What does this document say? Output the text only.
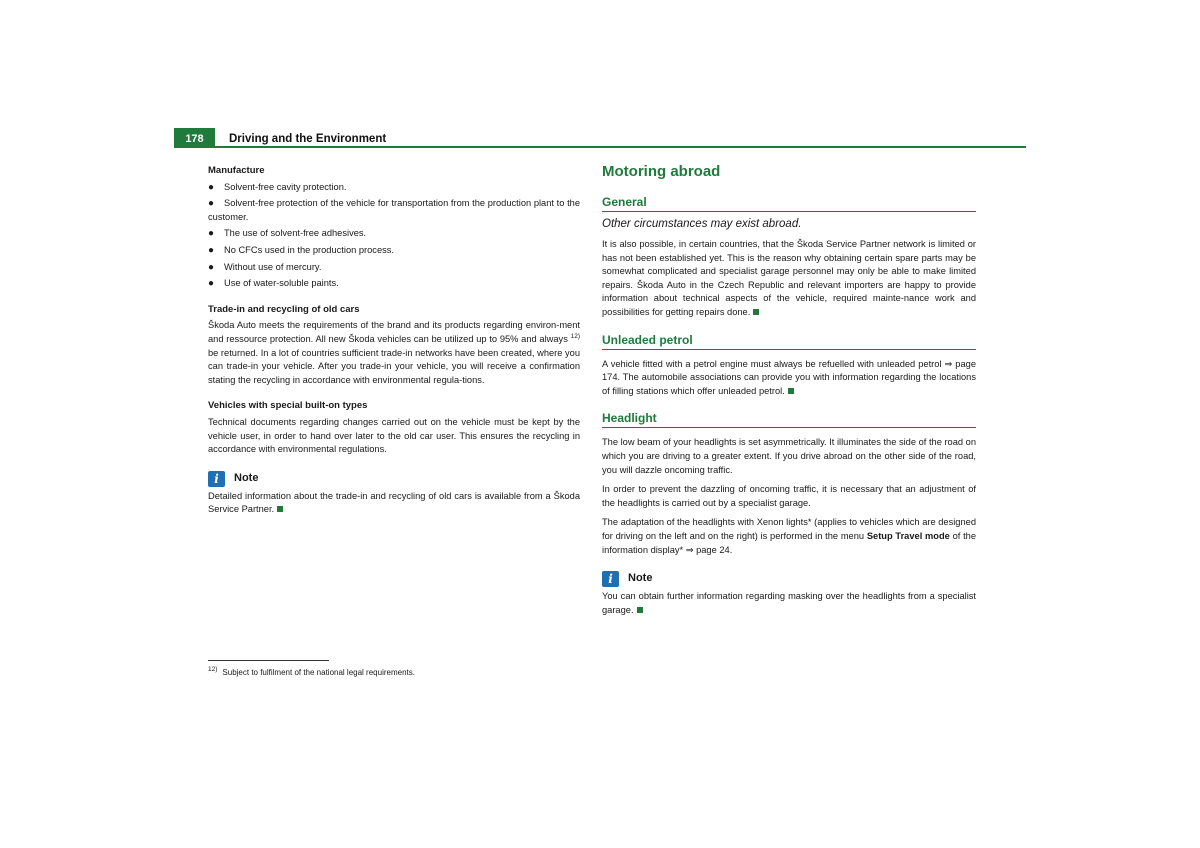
178	Driving and the Environment
Manufacture
● Solvent-free cavity protection.
● Solvent-free protection of the vehicle for transportation from the production plant to the customer.
● The use of solvent-free adhesives.
● No CFCs used in the production process.
● Without use of mercury.
● Use of water-soluble paints.
Trade-in and recycling of old cars

Škoda Auto meets the requirements of the brand and its products regarding environ-ment and ressource protection. All new Škoda vehicles can be utilized up to 95% and always $^{12)}$ be returned. In a lot of countries sufficient trade-in networks have been created, where you can trade-in your vehicle. After you trade-in your vehicle, you will receive a confirmation stating the recycling in accordance with environmental regula-tions.

Vehicles with special built-on types

Technical documents regarding changes carried out on the vehicle must be kept by the vehicle user, in order to hand over later to the old car user. This ensures the recycling in accordance with environmental regulations.

i	Note

Detailed information about the trade-in and recycling of old cars is available from a Škoda Service Partner.

Motoring abroad
General
Other circumstances may exist abroad.

It is also possible, in certain countries, that the Škoda Service Partner network is limited or has not been established yet. This is the reason why obtaining certain spare parts may be somewhat complicated and specialist garage personnel may only be able to make limited repairs. Škoda Auto in the Czech Republic and relevant importers are happy to provide information about technical aspects of the vehicle, required mainte-nance work and possibilities for getting repairs done.

Unleaded petrol

A vehicle fitted with a petrol engine must always be refuelled with unleaded petrol ⇒ page 174. The automobile associations can provide you with information regarding the locations of filling stations which offer unleaded petrol.

Headlight

The low beam of your headlights is set asymmetrically. It illuminates the side of the road on which you are driving to a greater extent. If you drive abroad on the other side of the road, you will dazzle oncoming traffic.

In order to prevent the dazzling of oncoming traffic, it is necessary that an adjustment of the headlights is carried out by a specialist garage.

The adaptation of the headlights with Xenon lights* (applies to vehicles which are designed for driving on the left and on the right) is performed in the menu Setup Travel mode of the information display* ⇒ page 24.

i	Note

You can obtain further information regarding masking over the headlights from a specialist garage.

$^{12)}$ Subject to fulfilment of the national legal requirements.
